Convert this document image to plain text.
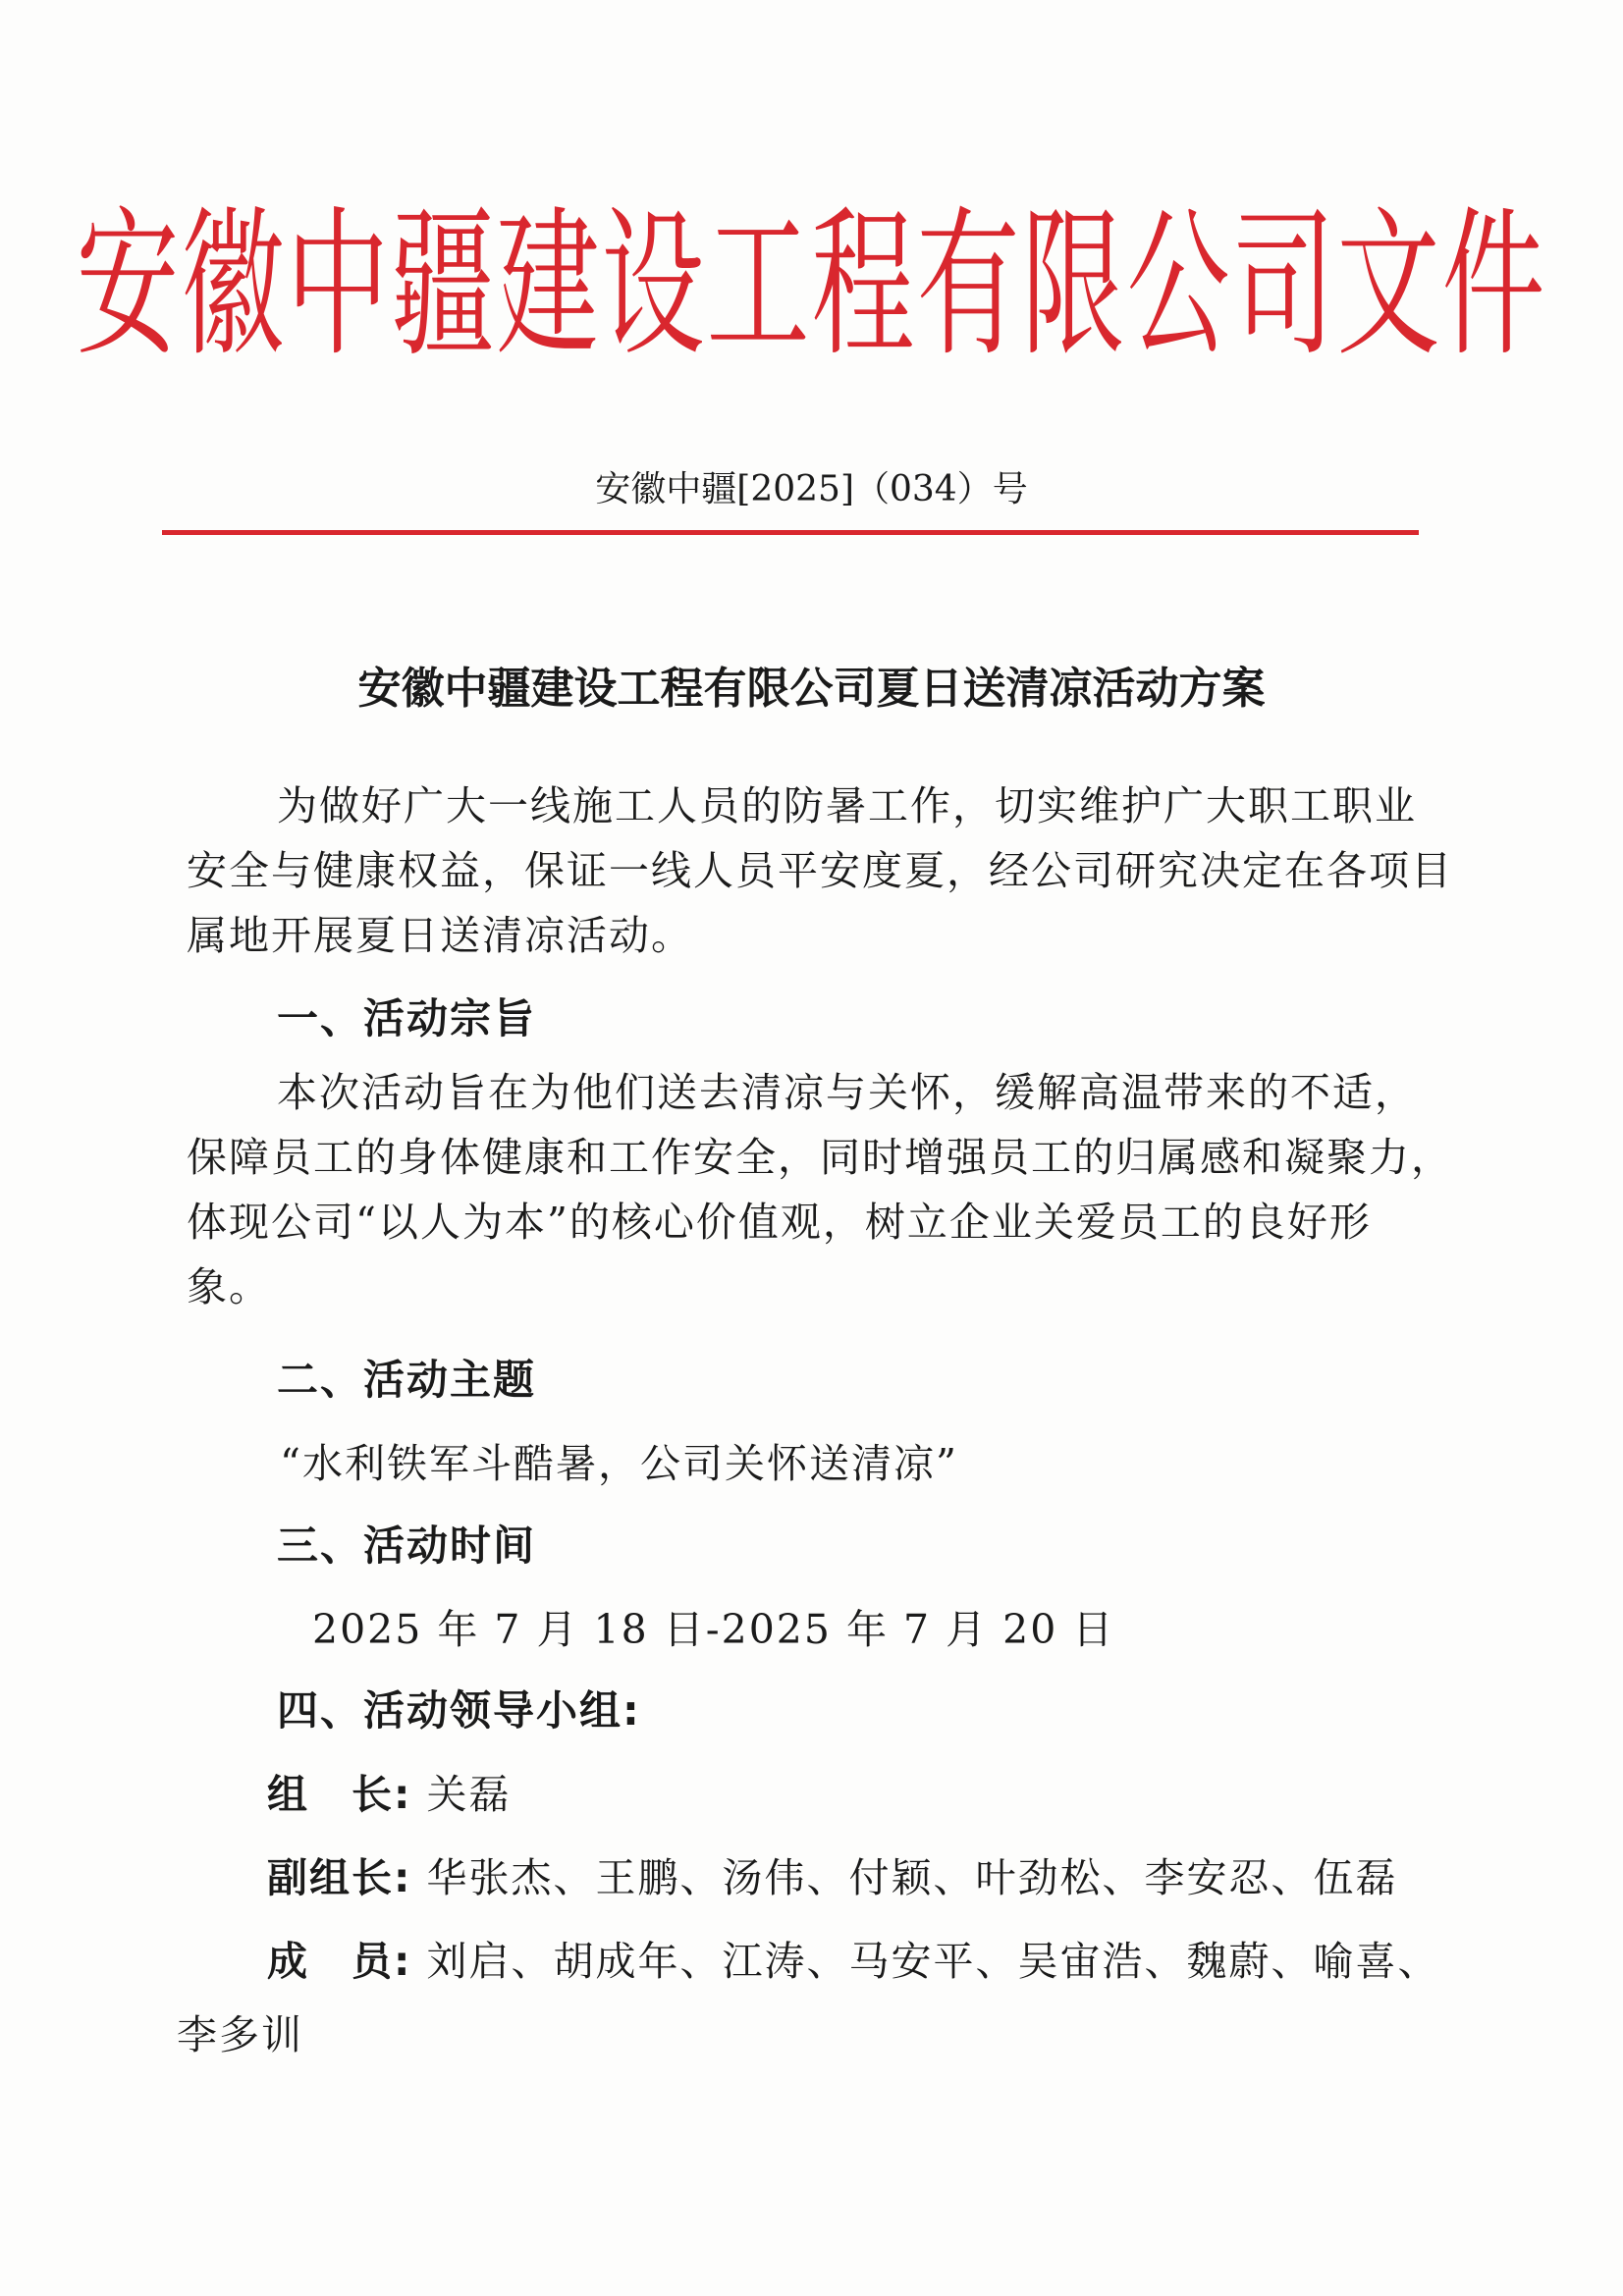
安徽中疆建设工程有限公司文件
安徽中疆[2025]（034）号
安徽中疆建设工程有限公司夏日送清凉活动方案

为做好广大一线施工人员的防暑工作，切实维护广大职工职业安全与健康权益，保证一线人员平安度夏，经公司研究决定在各项目属地开展夏日送清凉活动。

一、活动宗旨

本次活动旨在为他们送去清凉与关怀，缓解高温带来的不适，保障员工的身体健康和工作安全，同时增强员工的归属感和凝聚力，体现公司“以人为本”的核心价值观，树立企业关爱员工的良好形象。

二、活动主题
“水利铁军斗酷暑，公司关怀送清凉”
三、活动时间
2025 年 7 月 18 日-2025 年 7 月 20 日
四、活动领导小组:
组　长: 关磊
副组长: 华张杰、王鹏、汤伟、付颖、叶劲松、李安忍、伍磊
成　员: 刘启、胡成年、江涛、马安平、吴宙浩、魏蔚、喻喜、
李多训
